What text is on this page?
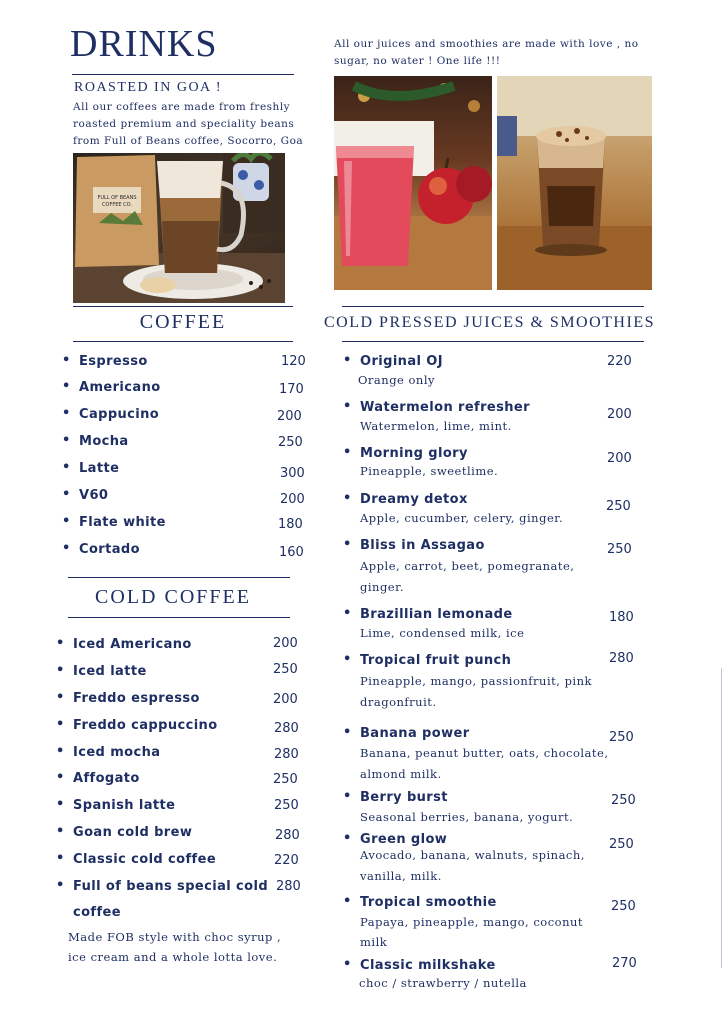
DRINKS
ROASTED IN GOA !
All our coffees are made from freshly roasted premium and speciality beans from Full of Beans coffee, Socorro, Goa
All our juices and smoothies are made with love , no sugar, no water ! One life !!!
FULL OF BEANS
COFFEE CO.
COFFEE
• Espresso	120
• Americano	170
• Cappucino	200
• Mocha	250
• Latte	300
• V60	200
• Flate white	180
• Cortado	160
COLD COFFEE
• Iced Americano	200
• Iced latte	250
• Freddo espresso	200
• Freddo cappuccino	280
• Iced mocha	280
• Affogato	250
• Spanish latte	250
• Goan cold brew	280
• Classic cold coffee	220
• Full of beans special cold 280
coffee
Made FOB style with choc syrup , ice cream and a whole lotta love.
COLD PRESSED JUICES & SMOOTHIES
• Original OJ	220
Orange only
• Watermelon refresher	200
Watermelon, lime, mint.
• Morning glory	200
Pineapple, sweetlime.
• Dreamy detox	250
Apple, cucumber, celery, ginger.
• Bliss in Assagao	250
Apple, carrot, beet, pomegranate,
ginger.
• Brazillian lemonade	180
Lime, condensed milk, ice
• Tropical fruit punch	280
Pineapple, mango, passionfruit, pink
dragonfruit.
• Banana power	250
Banana, peanut butter, oats, chocolate,
almond milk.
• Berry burst	250
Seasonal berries, banana, yogurt.
• Green glow	250
Avocado, banana, walnuts, spinach,
vanilla, milk.
• Tropical smoothie	250
Papaya, pineapple, mango, coconut
milk
• Classic milkshake	270
choc / strawberry / nutella
